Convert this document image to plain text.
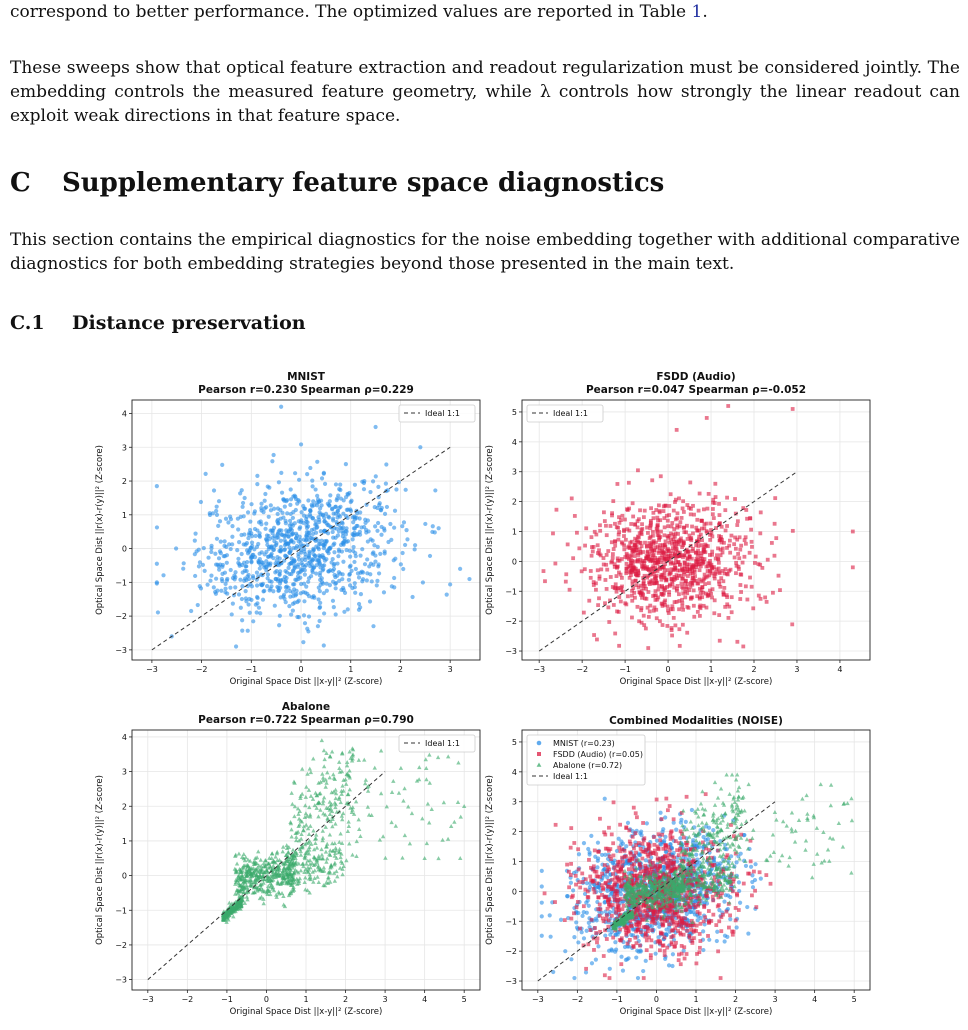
correspond to better performance. The optimized values are reported in Table 1.

These sweeps show that optical feature extraction and readout regularization must be considered jointly. The embedding controls the measured feature geometry, while λ controls how strongly the linear readout can exploit weak directions in that feature space.

C Supplementary feature space diagnostics

This section contains the empirical diagnostics for the noise embedding together with additional comparative diagnostics for both embedding strategies beyond those presented in the main text.

C.1 Distance preservation
MNIST
Pearson r=0.230 Spearman ρ=0.229
−3	−2	−1	0	1	2	3
−3
−2
−1
0
1
2
3
4
Original Space Dist ||x-y||² (Z-score)
Optical Space Dist ||r(x)-r(y)||² (Z-score)
Ideal 1:1
FSDD (Audio)
Pearson r=0.047 Spearman ρ=-0.052
−3	−2	−1	0	1	2	3	4
−3
−2
−1
0
1
2
3
4
5
Original Space Dist ||x-y||² (Z-score)
Optical Space Dist ||r(x)-r(y)||² (Z-score)
Ideal 1:1
Abalone
Pearson r=0.722 Spearman ρ=0.790
−3	−2	−1	0	1	2	3	4	5
−3
−2
−1
0
1
2
3
4
Original Space Dist ||x-y||² (Z-score)
Optical Space Dist ||r(x)-r(y)||² (Z-score)
Ideal 1:1
Combined Modalities (NOISE)
−3	−2	−1	0	1	2	3	4	5
−3
−2
−1
0
1
2
3
4
5
Original Space Dist ||x-y||² (Z-score)
Optical Space Dist ||r(x)-r(y)||² (Z-score)
MNIST (r=0.23)
FSDD (Audio) (r=0.05)
Abalone (r=0.72)
Ideal 1:1
